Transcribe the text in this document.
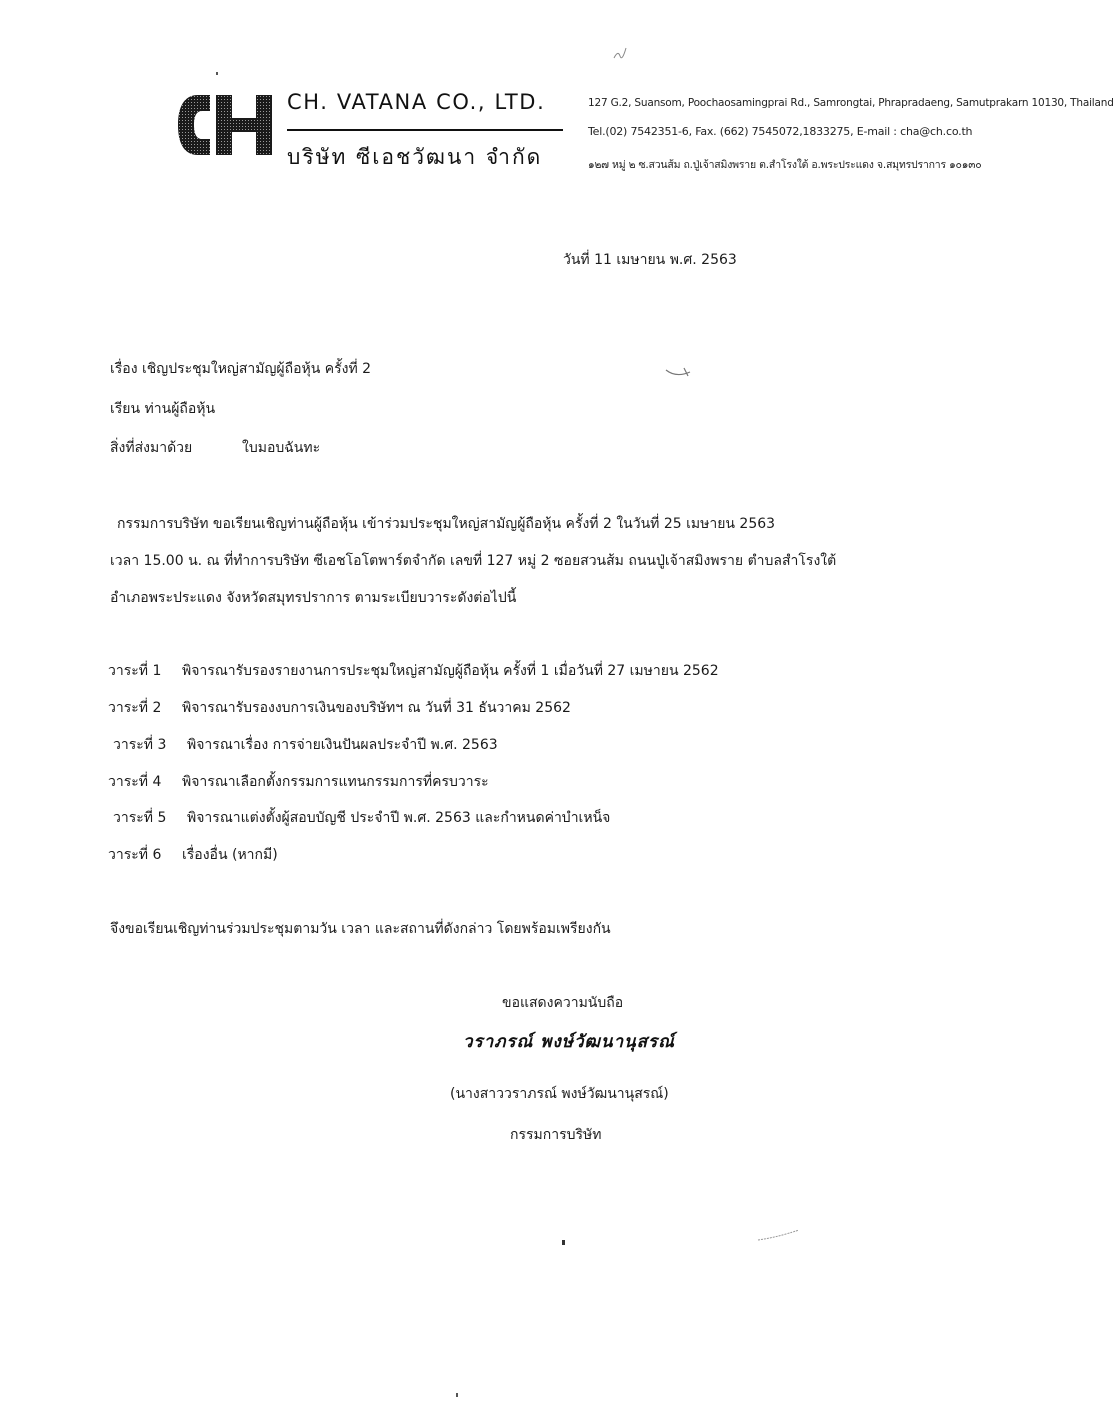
CH. VATANA CO., LTD.
บริษัท ซีเอชวัฒนา จำกัด
127 G.2, Suansom, Poochaosamingprai Rd., Samrongtai, Phrapradaeng, Samutprakarn 10130, Thailand
Tel.(02) 7542351-6, Fax. (662) 7545072,1833275, E-mail : cha@ch.co.th
๑๒๗ หมู่ ๒ ซ.สวนส้ม ถ.ปู่เจ้าสมิงพราย ต.สำโรงใต้ อ.พระประแดง จ.สมุทรปราการ ๑๐๑๓๐
วันที่ 11 เมษายน พ.ศ. 2563
เรื่อง เชิญประชุมใหญ่สามัญผู้ถือหุ้น ครั้งที่ 2
เรียน ท่านผู้ถือหุ้น
สิ่งที่ส่งมาด้วย	ใบมอบฉันทะ
กรรมการบริษัท ขอเรียนเชิญท่านผู้ถือหุ้น เข้าร่วมประชุมใหญ่สามัญผู้ถือหุ้น ครั้งที่ 2 ในวันที่ 25 เมษายน 2563
เวลา 15.00 น. ณ ที่ทำการบริษัท ซีเอชโอโตพาร์ตจำกัด เลขที่ 127 หมู่ 2 ซอยสวนส้ม ถนนปู่เจ้าสมิงพราย ตำบลสำโรงใต้
อำเภอพระประแดง จังหวัดสมุทรปราการ ตามระเบียบวาระดังต่อไปนี้
วาระที่ 1 พิจารณารับรองรายงานการประชุมใหญ่สามัญผู้ถือหุ้น ครั้งที่ 1 เมื่อวันที่ 27 เมษายน 2562
วาระที่ 2 พิจารณารับรองงบการเงินของบริษัทฯ ณ วันที่ 31 ธันวาคม 2562
วาระที่ 3 พิจารณาเรื่อง การจ่ายเงินปันผลประจำปี พ.ศ. 2563
วาระที่ 4 พิจารณาเลือกตั้งกรรมการแทนกรรมการที่ครบวาระ
วาระที่ 5 พิจารณาแต่งตั้งผู้สอบบัญชี ประจำปี พ.ศ. 2563 และกำหนดค่าบำเหน็จ
วาระที่ 6 เรื่องอื่น (หากมี)
จึงขอเรียนเชิญท่านร่วมประชุมตามวัน เวลา และสถานที่ดังกล่าว โดยพร้อมเพรียงกัน
ขอแสดงความนับถือ
วราภรณ์ พงษ์วัฒนานุสรณ์
(นางสาววราภรณ์ พงษ์วัฒนานุสรณ์)
กรรมการบริษัท
